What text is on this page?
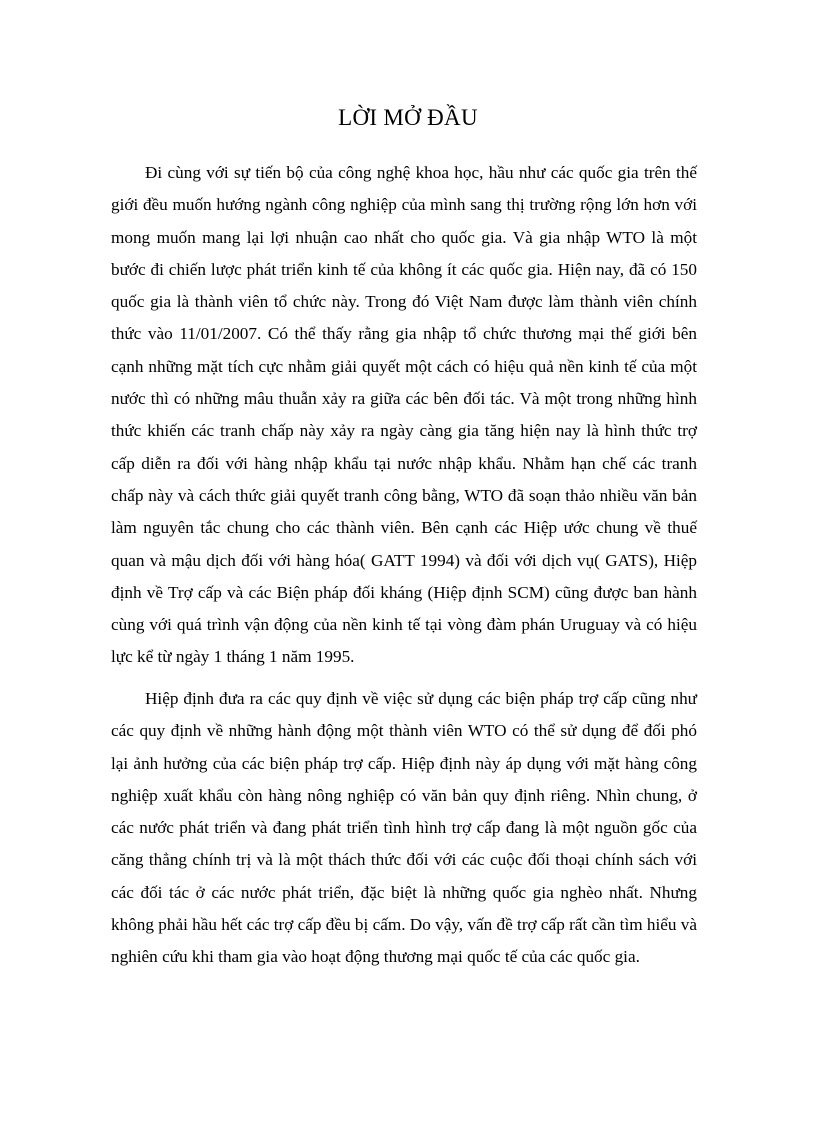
LỜI MỞ ĐẦU

Đi cùng với sự tiến bộ của công nghệ khoa học, hầu như các quốc gia trên thế giới đều muốn hướng ngành công nghiệp của mình sang thị trường rộng lớn hơn với mong muốn mang lại lợi nhuận cao nhất cho quốc gia. Và gia nhập WTO là một bước đi chiến lược phát triển kinh tế của không ít các quốc gia. Hiện nay, đã có 150 quốc gia là thành viên tổ chức này. Trong đó Việt Nam được làm thành viên chính thức vào 11/01/2007. Có thể thấy rằng gia nhập tổ chức thương mại thế giới bên cạnh những mặt tích cực nhằm giải quyết một cách có hiệu quả nền kinh tế của một nước thì có những mâu thuẫn xảy ra giữa các bên đối tác. Và một trong những hình thức khiến các tranh chấp này xảy ra ngày càng gia tăng hiện nay là hình thức trợ cấp diễn ra đối với hàng nhập khẩu tại nước nhập khẩu. Nhằm hạn chế các tranh chấp này và cách thức giải quyết tranh công bằng, WTO đã soạn thảo nhiều văn bản làm nguyên tắc chung cho các thành viên. Bên cạnh các Hiệp ước chung về thuế quan và mậu dịch đối với hàng hóa( GATT 1994) và đối với dịch vụ( GATS), Hiệp định về Trợ cấp và các Biện pháp đối kháng (Hiệp định SCM) cũng được ban hành cùng với quá trình vận động của nền kinh tế tại vòng đàm phán Uruguay và có hiệu lực kể từ ngày 1 tháng 1 năm 1995.

Hiệp định đưa ra các quy định về việc sử dụng các biện pháp trợ cấp cũng như các quy định về những hành động một thành viên WTO có thể sử dụng để đối phó lại ảnh hưởng của các biện pháp trợ cấp. Hiệp định này áp dụng với mặt hàng công nghiệp xuất khẩu còn hàng nông nghiệp có văn bản quy định riêng. Nhìn chung, ở các nước phát triển và đang phát triển tình hình trợ cấp đang là một nguồn gốc của căng thẳng chính trị và là một thách thức đối với các cuộc đối thoại chính sách với các đối tác ở các nước phát triển, đặc biệt là những quốc gia nghèo nhất. Nhưng không phải hầu hết các trợ cấp đều bị cấm. Do vậy, vấn đề trợ cấp rất cần tìm hiểu và nghiên cứu khi tham gia vào hoạt động thương mại quốc tế của các quốc gia.
